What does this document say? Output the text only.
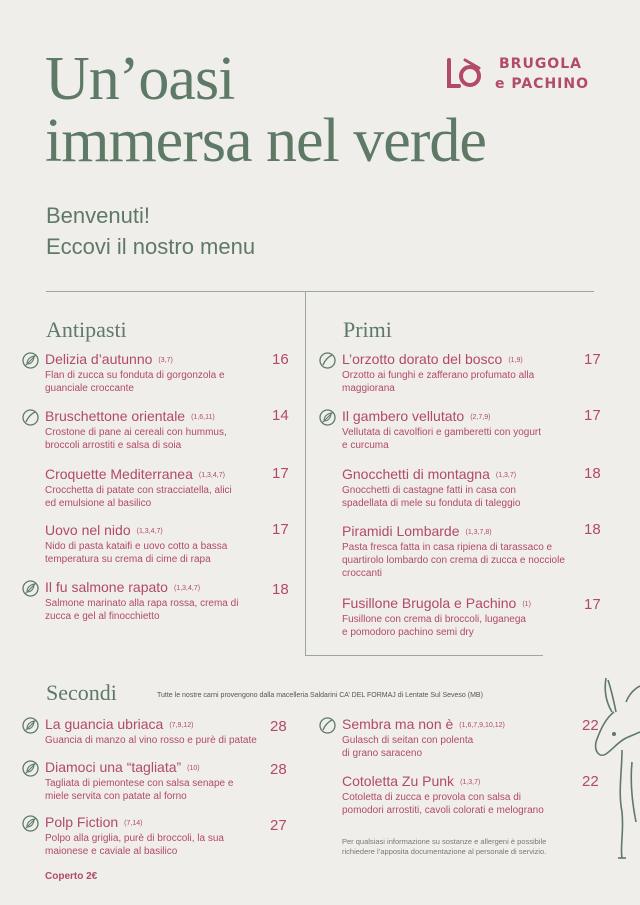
Un’oasi
immersa nel verde
BRUGOLA
e PACHINO
Benvenuti!
Eccovi il nostro menu
Antipasti	Primi
Secondi	Tutte le nostre carni provengono dalla macelleria Saldarini CA’ DEL FORMAJ di Lentate Sul Seveso (MB)
Delizia d’autunno (3,7)
Flan di zucca su fonduta di gorgonzola e
guanciale croccante
16
Bruschettone orientale (1,6,11)
Crostone di pane ai cereali con hummus,
broccoli arrostiti e salsa di soia
14
Croquette Mediterranea (1,3,4,7)
Crocchetta di patate con stracciatella, alici
ed emulsione al basilico
17
Uovo nel nido (1,3,4,7)
Nido di pasta kataifi e uovo cotto a bassa
temperatura su crema di cime di rapa
17
Il fu salmone rapato (1,3,4,7)
Salmone marinato alla rapa rossa, crema di
zucca e gel al finocchietto
18
L’orzotto dorato del bosco (1,9)
Orzotto ai funghi e zafferano profumato alla
maggiorana
17
Il gambero vellutato (2,7,9)
Vellutata di cavolfiori e gamberetti con yogurt
e curcuma
17
Gnocchetti di montagna (1,3,7)
Gnocchetti di castagne fatti in casa con
spadellata di mele su fonduta di taleggio
18
Piramidi Lombarde (1,3,7,8)
Pasta fresca fatta in casa ripiena di tarassaco e
quartirolo lombardo con crema di zucca e nocciole
croccanti
18
Fusillone Brugola e Pachino (1)
Fusillone con crema di broccoli, luganega
e pomodoro pachino semi dry
17
La guancia ubriaca (7,9,12)
Guancia di manzo al vino rosso e purè di patate
28
Diamoci una “tagliata” (10)
Tagliata di piemontese con salsa senape e
miele servita con patate al forno
28
Polp Fiction (7,14)
Polpo alla griglia, purè di broccoli, la sua
maionese e caviale al basilico
27
Sembra ma non è (1,6,7,9,10,12)
Gulasch di seitan con polenta
di grano saraceno
22
Cotoletta Zu Punk (1,3,7)
Cotoletta di zucca e provola con salsa di
pomodori arrostiti, cavoli colorati e melograno
22
Per qualsiasi informazione su sostanze e allergeni è possibile
richiedere l’apposita documentazione al personale di servizio.
Coperto 2€
